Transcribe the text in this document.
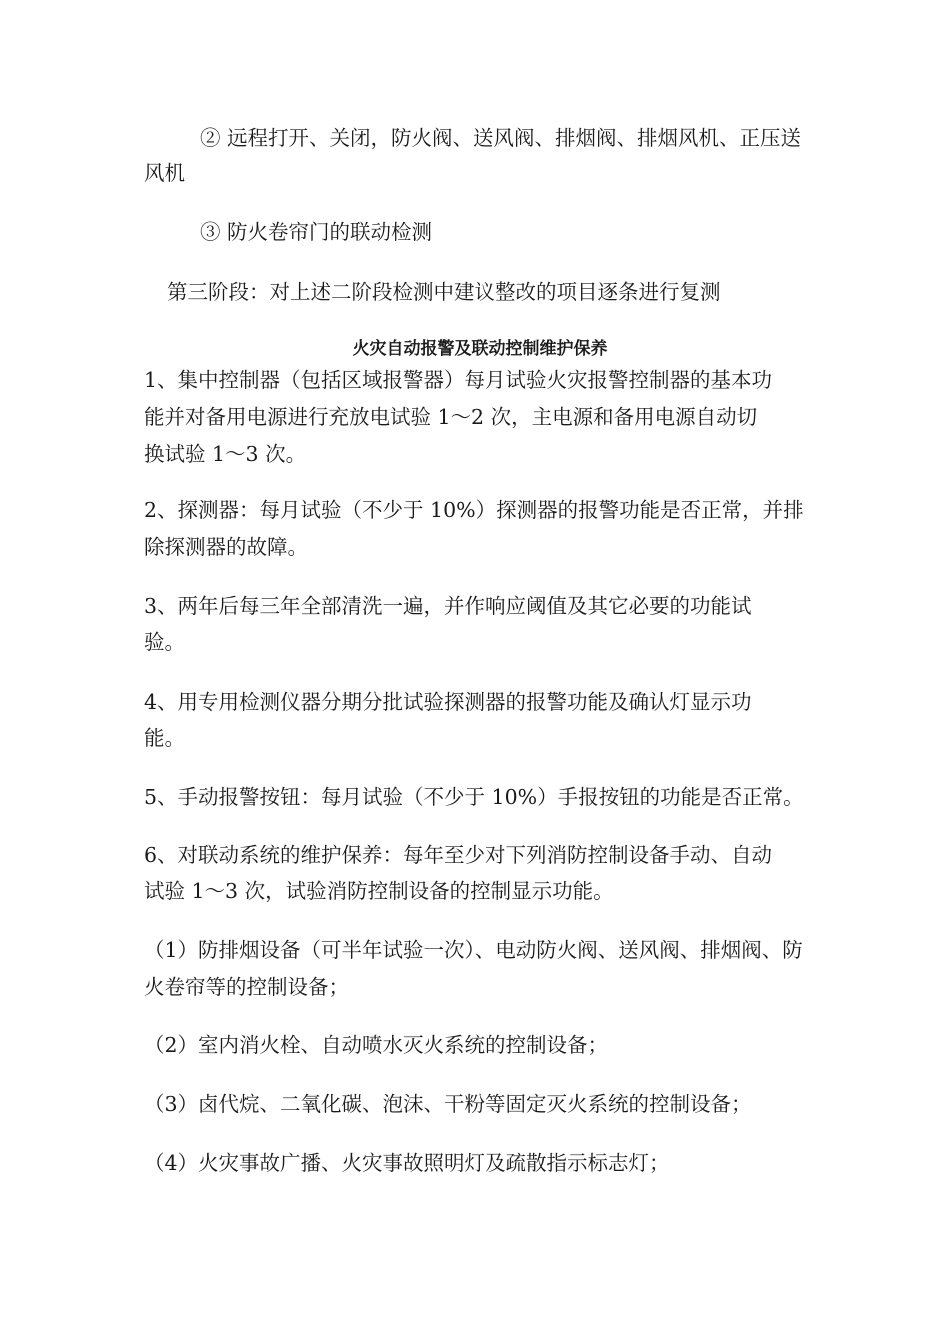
② 远程打开、关闭，防火阀、送风阀、排烟阀、排烟风机、正压送

风机

③ 防火卷帘门的联动检测

第三阶段：对上述二阶段检测中建议整改的项目逐条进行复测

火灾自动报警及联动控制维护保养

1、集中控制器（包括区域报警器）每月试验火灾报警控制器的基本功

能并对备用电源进行充放电试验 1～2 次，主电源和备用电源自动切

换试验 1～3 次。

2、探测器：每月试验（不少于 10%）探测器的报警功能是否正常，并排

除探测器的故障。

3、两年后每三年全部清洗一遍，并作响应阈值及其它必要的功能试

验。

4、用专用检测仪器分期分批试验探测器的报警功能及确认灯显示功

能。

5、手动报警按钮：每月试验（不少于 10%）手报按钮的功能是否正常。

6、对联动系统的维护保养：每年至少对下列消防控制设备手动、自动

试验 1～3 次，试验消防控制设备的控制显示功能。

（1）防排烟设备（可半年试验一次）、电动防火阀、送风阀、排烟阀、防

火卷帘等的控制设备；

（2）室内消火栓、自动喷水灭火系统的控制设备；

（3）卤代烷、二氧化碳、泡沫、干粉等固定灭火系统的控制设备；

（4）火灾事故广播、火灾事故照明灯及疏散指示标志灯；
